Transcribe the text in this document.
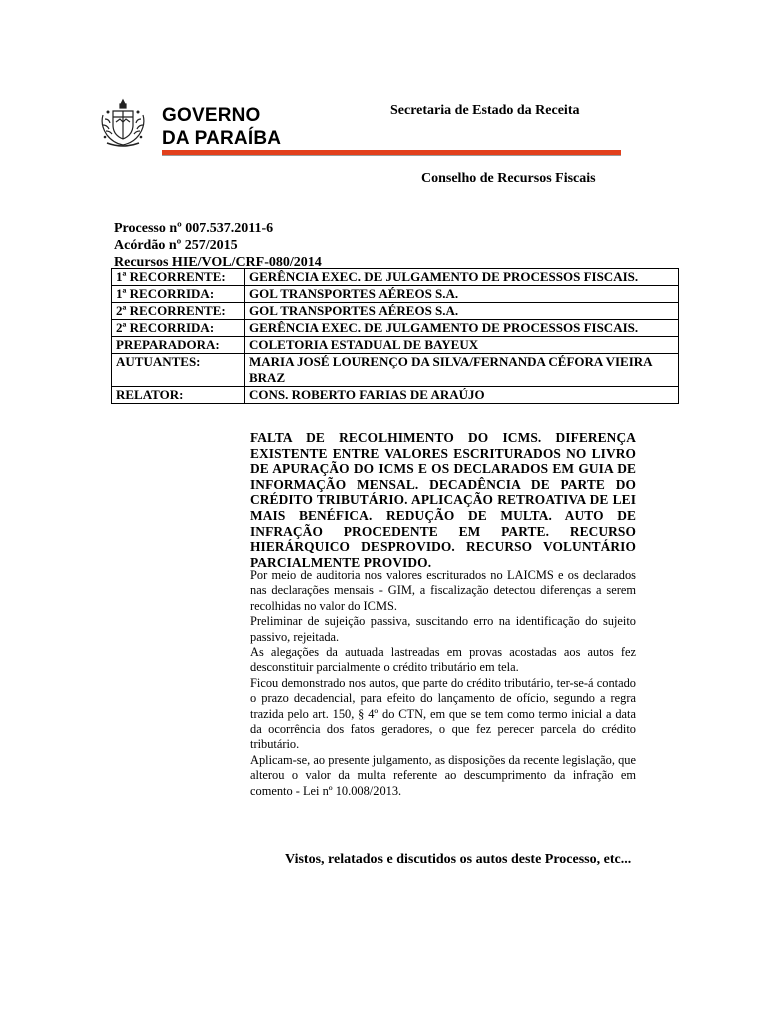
GOVERNO
DA PARAÍBA
Secretaria de Estado da Receita
Conselho de Recursos Fiscais
Processo nº 007.537.2011-6
Acórdão nº 257/2015
Recursos HIE/VOL/CRF-080/2014
1ª RECORRENTE:	GERÊNCIA EXEC. DE JULGAMENTO DE PROCESSOS FISCAIS.
1ª RECORRIDA:	GOL TRANSPORTES AÉREOS S.A.
2ª RECORRENTE:	GOL TRANSPORTES AÉREOS S.A.
2ª RECORRIDA:	GERÊNCIA EXEC. DE JULGAMENTO DE PROCESSOS FISCAIS.
PREPARADORA:	COLETORIA ESTADUAL DE BAYEUX
AUTUANTES:	MARIA JOSÉ LOURENÇO DA SILVA/FERNANDA CÉFORA VIEIRA BRAZ
RELATOR:	CONS. ROBERTO FARIAS DE ARAÚJO
FALTA DE RECOLHIMENTO DO ICMS. DIFERENÇA EXISTENTE ENTRE VALORES ESCRITURADOS NO LIVRO DE APURAÇÃO DO ICMS E OS DECLARADOS EM GUIA DE INFORMAÇÃO MENSAL. DECADÊNCIA DE PARTE DO CRÉDITO TRIBUTÁRIO. APLICAÇÃO RETROATIVA DE LEI MAIS BENÉFICA. REDUÇÃO DE MULTA. AUTO DE INFRAÇÃO PROCEDENTE EM PARTE. RECURSO HIERÁRQUICO DESPROVIDO. RECURSO VOLUNTÁRIO PARCIALMENTE PROVIDO.

Por meio de auditoria nos valores escriturados no LAICMS e os declarados nas declarações mensais - GIM, a fiscalização detectou diferenças a serem recolhidas no valor do ICMS.

Preliminar de sujeição passiva, suscitando erro na identificação do sujeito passivo, rejeitada.

As alegações da autuada lastreadas em provas acostadas aos autos fez desconstituir parcialmente o crédito tributário em tela.

Ficou demonstrado nos autos, que parte do crédito tributário, ter-se-á contado o prazo decadencial, para efeito do lançamento de ofício, segundo a regra trazida pelo art. 150, § 4º do CTN, em que se tem como termo inicial a data da ocorrência dos fatos geradores, o que fez perecer parcela do crédito tributário.

Aplicam-se, ao presente julgamento, as disposições da recente legislação, que alterou o valor da multa referente ao descumprimento da infração em comento - Lei nº 10.008/2013.

Vistos, relatados e discutidos os autos deste Processo, etc...
